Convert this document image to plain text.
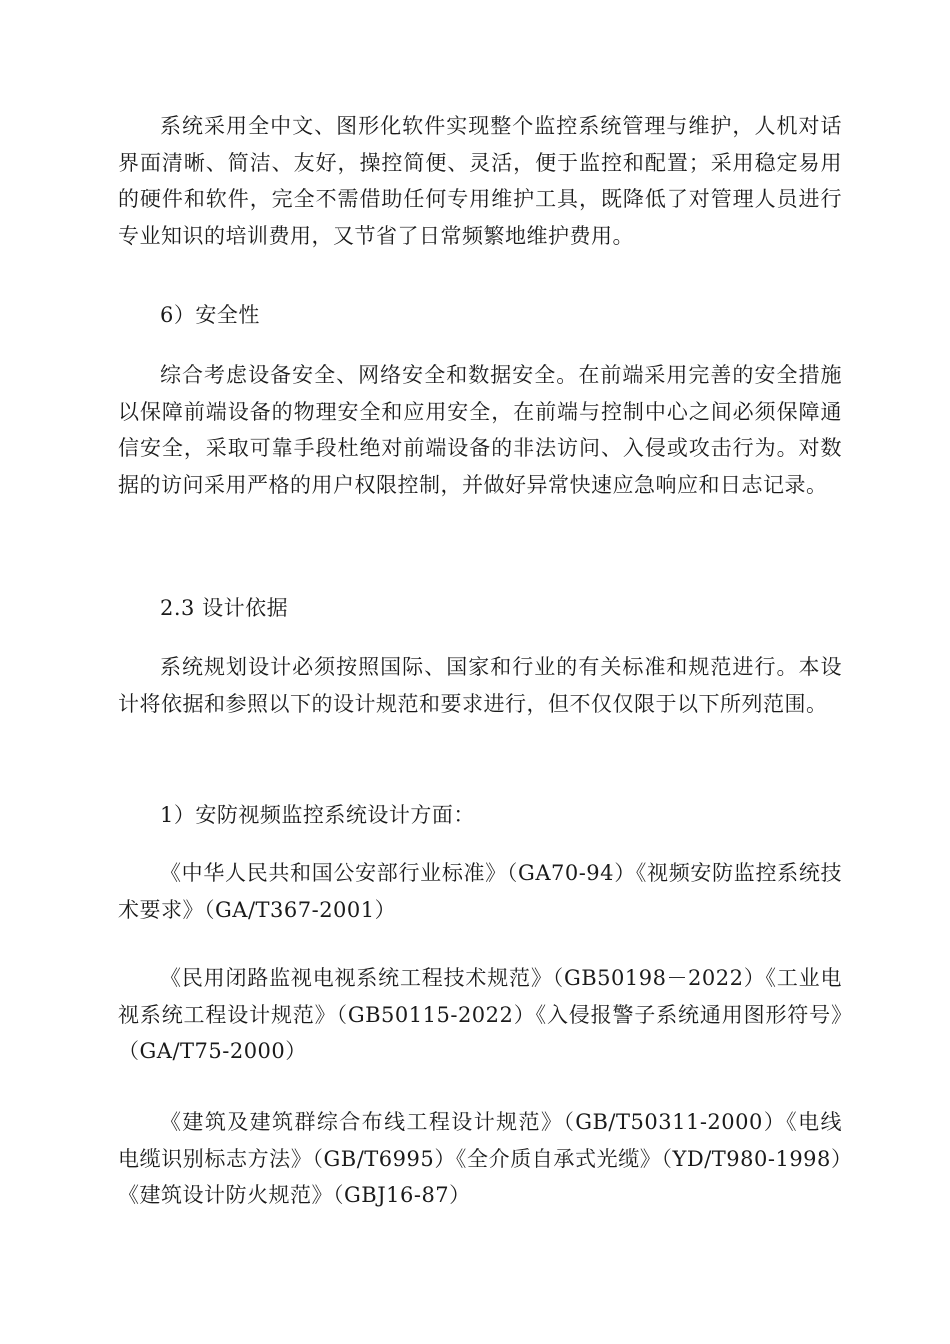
系统采用全中文、图形化软件实现整个监控系统管理与维护，人机对话界面清晰、简洁、友好，操控简便、灵活，便于监控和配置；采用稳定易用的硬件和软件，完全不需借助任何专用维护工具，既降低了对管理人员进行专业知识的培训费用，又节省了日常频繁地维护费用。

6）安全性

综合考虑设备安全、网络安全和数据安全。在前端采用完善的安全措施以保障前端设备的物理安全和应用安全，在前端与控制中心之间必须保障通信安全，采取可靠手段杜绝对前端设备的非法访问、入侵或攻击行为。对数据的访问采用严格的用户权限控制，并做好异常快速应急响应和日志记录。

2.3 设计依据

系统规划设计必须按照国际、国家和行业的有关标准和规范进行。本设计将依据和参照以下的设计规范和要求进行，但不仅仅限于以下所列范围。

1）安防视频监控系统设计方面：

《中华人民共和国公安部行业标准》（GA70-94）《视频安防监控系统技术要求》（GA/T367-2001）

《民用闭路监视电视系统工程技术规范》（GB50198－2022）《工业电视系统工程设计规范》（GB50115-2022）《入侵报警子系统通用图形符号》（GA/T75-2000）

《建筑及建筑群综合布线工程设计规范》（GB/T50311-2000）《电线电缆识别标志方法》（GB/T6995）《全介质自承式光缆》（YD/T980-1998）《建筑设计防火规范》（GBJ16-87）
